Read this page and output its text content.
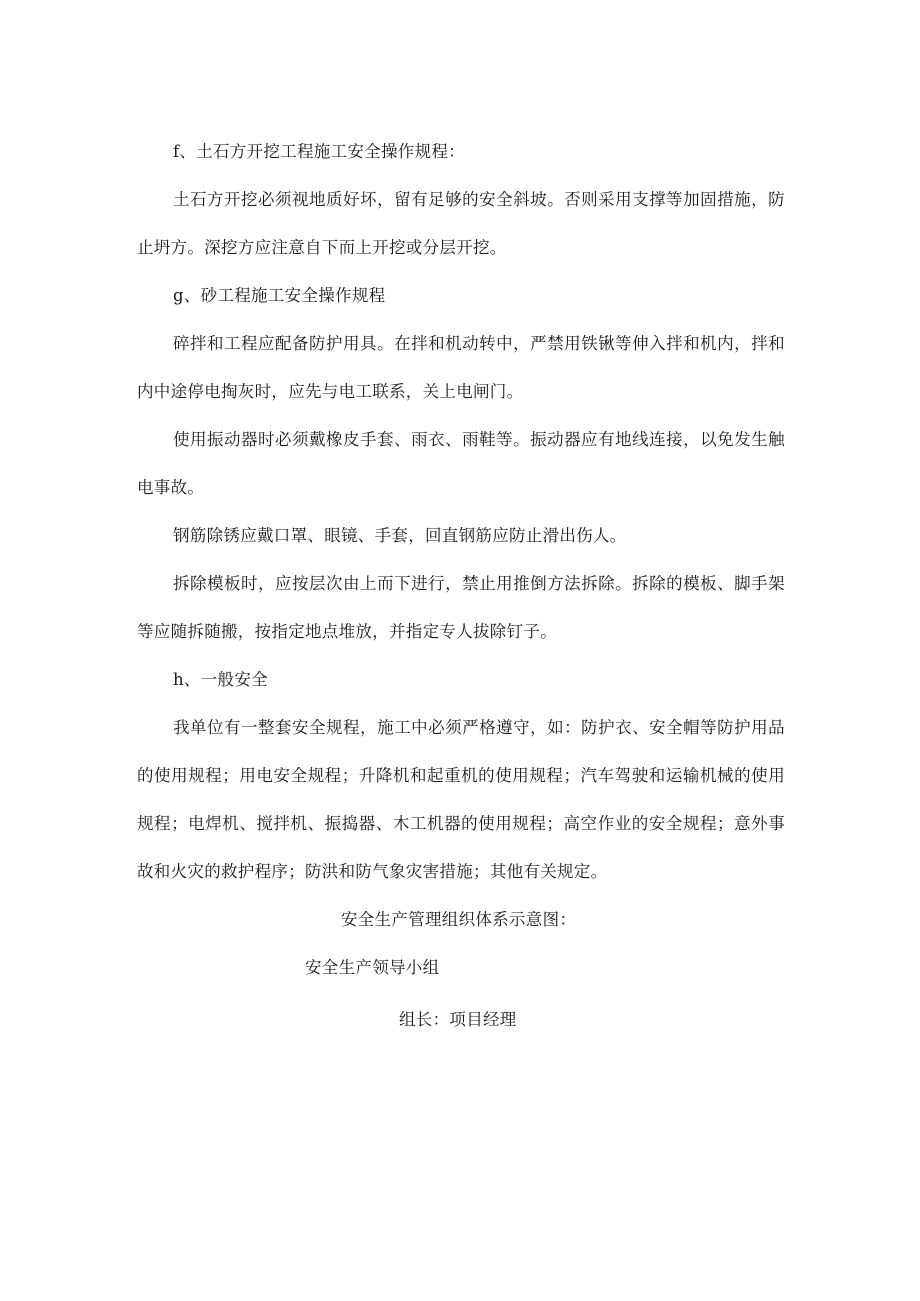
f、土石方开挖工程施工安全操作规程：

土石方开挖必须视地质好坏，留有足够的安全斜坡。否则采用支撑等加固措施，防止坍方。深挖方应注意自下而上开挖或分层开挖。

g、砂工程施工安全操作规程

碎拌和工程应配备防护用具。在拌和机动转中，严禁用铁锹等伸入拌和机内，拌和内中途停电掏灰时，应先与电工联系，关上电闸门。

使用振动器时必须戴橡皮手套、雨衣、雨鞋等。振动器应有地线连接，以免发生触电事故。

钢筋除锈应戴口罩、眼镜、手套，回直钢筋应防止滑出伤人。

拆除模板时，应按层次由上而下进行，禁止用推倒方法拆除。拆除的模板、脚手架等应随拆随搬，按指定地点堆放，并指定专人拔除钉子。

h、一般安全

我单位有一整套安全规程，施工中必须严格遵守，如：防护衣、安全帽等防护用品的使用规程；用电安全规程；升降机和起重机的使用规程；汽车驾驶和运输机械的使用规程；电焊机、搅拌机、振捣器、木工机器的使用规程；高空作业的安全规程；意外事故和火灾的救护程序；防洪和防气象灾害措施；其他有关规定。

安全生产管理组织体系示意图：

安全生产领导小组

组长：项目经理
